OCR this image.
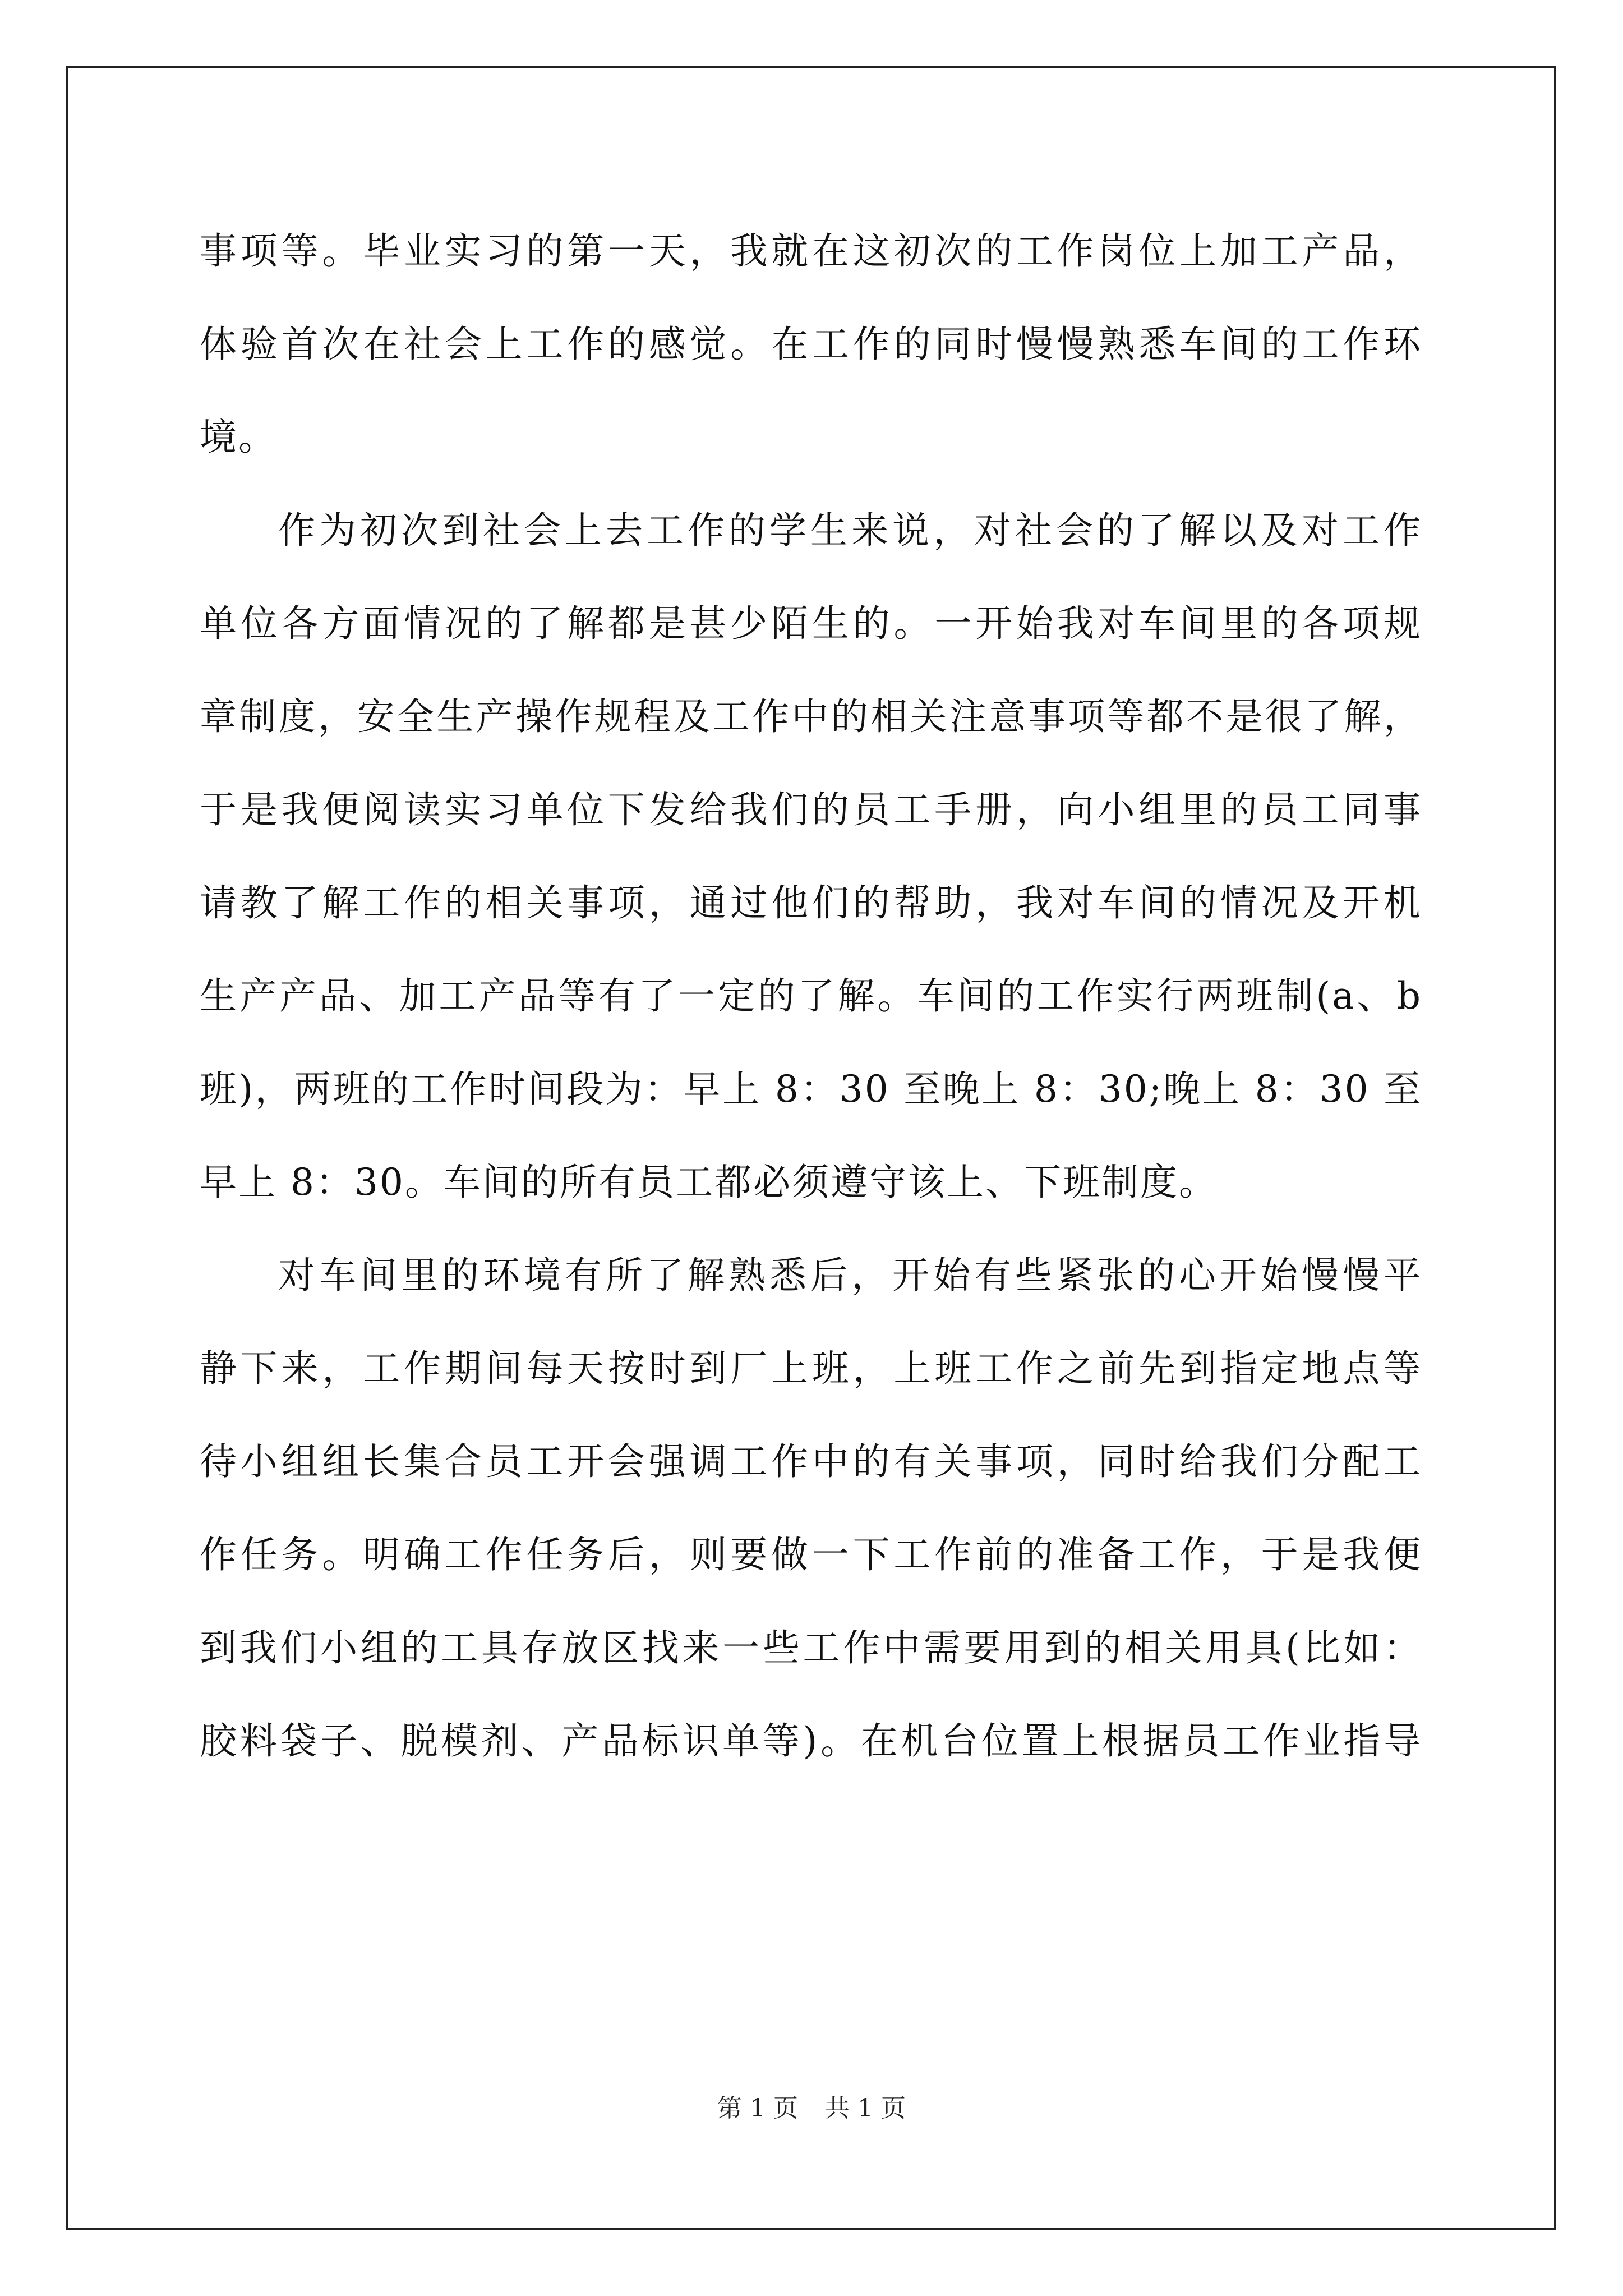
事项等。毕业实习的第一天，我就在这初次的工作岗位上加工产品，
体验首次在社会上工作的感觉。在工作的同时慢慢熟悉车间的工作环
境。
作为初次到社会上去工作的学生来说，对社会的了解以及对工作
单位各方面情况的了解都是甚少陌生的。一开始我对车间里的各项规
章制度，安全生产操作规程及工作中的相关注意事项等都不是很了解，
于是我便阅读实习单位下发给我们的员工手册，向小组里的员工同事
请教了解工作的相关事项，通过他们的帮助，我对车间的情况及开机
生产产品、加工产品等有了一定的了解。车间的工作实行两班制(a、b
班)，两班的工作时间段为：早上 8：30 至晚上 8：30;晚上 8：30 至
早上 8：30。车间的所有员工都必须遵守该上、下班制度。
对车间里的环境有所了解熟悉后，开始有些紧张的心开始慢慢平
静下来，工作期间每天按时到厂上班，上班工作之前先到指定地点等
待小组组长集合员工开会强调工作中的有关事项，同时给我们分配工
作任务。明确工作任务后，则要做一下工作前的准备工作，于是我便
到我们小组的工具存放区找来一些工作中需要用到的相关用具(比如：
胶料袋子、脱模剂、产品标识单等)。在机台位置上根据员工作业指导
第 1 页 共 1 页
